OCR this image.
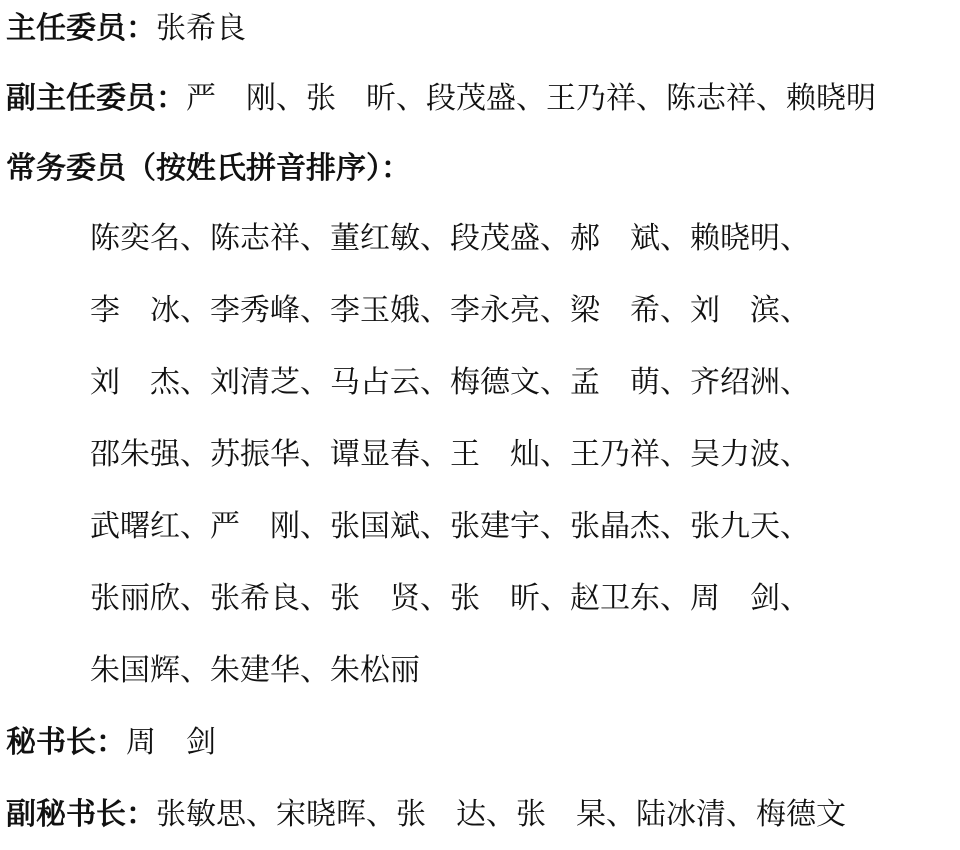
主任委员：张希良
副主任委员：严　刚、张　昕、段茂盛、王乃祥、陈志祥、赖晓明
常务委员（按姓氏拼音排序）：
陈奕名、陈志祥、董红敏、段茂盛、郝　斌、赖晓明、
李　冰、李秀峰、李玉娥、李永亮、梁　希、刘　滨、
刘　杰、刘清芝、马占云、梅德文、孟　萌、齐绍洲、
邵朱强、苏振华、谭显春、王　灿、王乃祥、吴力波、
武曙红、严　刚、张国斌、张建宇、张晶杰、张九天、
张丽欣、张希良、张　贤、张　昕、赵卫东、周　剑、
朱国辉、朱建华、朱松丽
秘书长：周　剑
副秘书长：张敏思、宋晓晖、张　达、张　杲、陆冰清、梅德文
